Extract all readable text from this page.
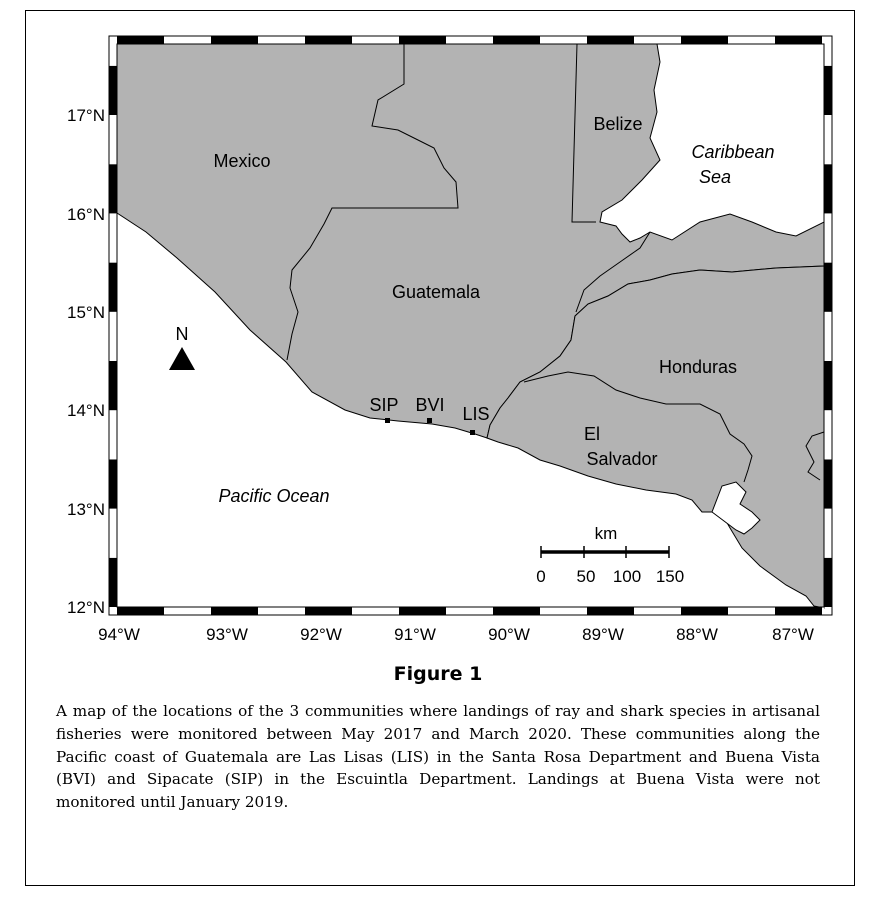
12°N
13°N
14°N
15°N
16°N
17°N
94°W	93°W	92°W	91°W	90°W	89°W	88°W	87°W
Mexico
Belize
Guatemala
Honduras
El
Salvador
Caribbean
Sea
Pacific Ocean
SIP BVI LIS
N
km
0 50 100 150
Figure 1
A map of the locations of the 3 communities where landings of ray and shark species in artisanal fisheries were monitored between May 2017 and March 2020. These communities along the Pacific coast of Guatemala are Las Lisas (LIS) in the Santa Rosa Department and Buena Vista (BVI) and Sipacate (SIP) in the Escuintla Department. Landings at Buena Vista were not monitored until January 2019.
